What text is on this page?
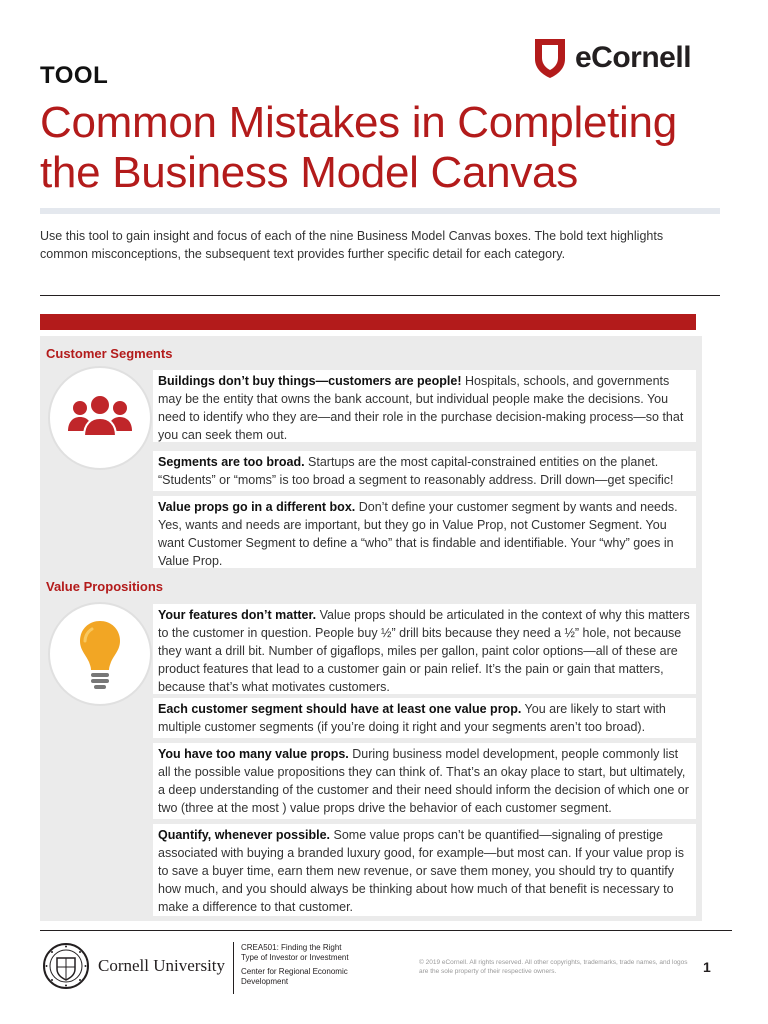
eCornell
TOOL
Common Mistakes in Completing
the Business Model Canvas

Use this tool to gain insight and focus of each of the nine Business Model Canvas boxes. The bold text highlights common misconceptions, the subsequent text provides further specific detail for each category.

Customer Segments
Buildings don’t buy things—customers are people! Hospitals, schools, and governments may be the entity that owns the bank account, but individual people make the decisions. You need to identify who they are—and their role in the purchase decision-making process—so that you can seek them out.
Segments are too broad. Startups are the most capital-constrained entities on the planet. “Students” or “moms” is too broad a segment to reasonably address. Drill down—get specific!
Value props go in a different box. Don’t define your customer segment by wants and needs. Yes, wants and needs are important, but they go in Value Prop, not Customer Segment. You want Customer Segment to define a “who” that is findable and identifiable. Your “why” goes in Value Prop.
Value Propositions
Your features don’t matter. Value props should be articulated in the context of why this matters to the customer in question. People buy ½” drill bits because they need a ½” hole, not because they want a drill bit. Number of gigaflops, miles per gallon, paint color options—all of these are product features that lead to a customer gain or pain relief. It’s the pain or gain that matters, because that’s what motivates customers.
Each customer segment should have at least one value prop. You are likely to start with multiple customer segments (if you’re doing it right and your segments aren’t too broad).
You have too many value props. During business model development, people commonly list all the possible value propositions they can think of. That’s an okay place to start, but ultimately, a deep understanding of the customer and their need should inform the decision of which one or two (three at the most ) value props drive the behavior of each customer segment.
Quantify, whenever possible. Some value props can’t be quantified—signaling of prestige associated with buying a branded luxury good, for example—but most can. If your value prop is to save a buyer time, earn them new revenue, or save them money, you should try to quantify how much, and you should always be thinking about how much of that benefit is necessary to make a difference to that customer.
Cornell University
CREA501: Finding the Right
Type of Investor or Investment
Center for Regional Economic
Development
© 2019 eCornell. All rights reserved. All other copyrights, trademarks, trade names, and logos are the sole property of their respective owners.	1
